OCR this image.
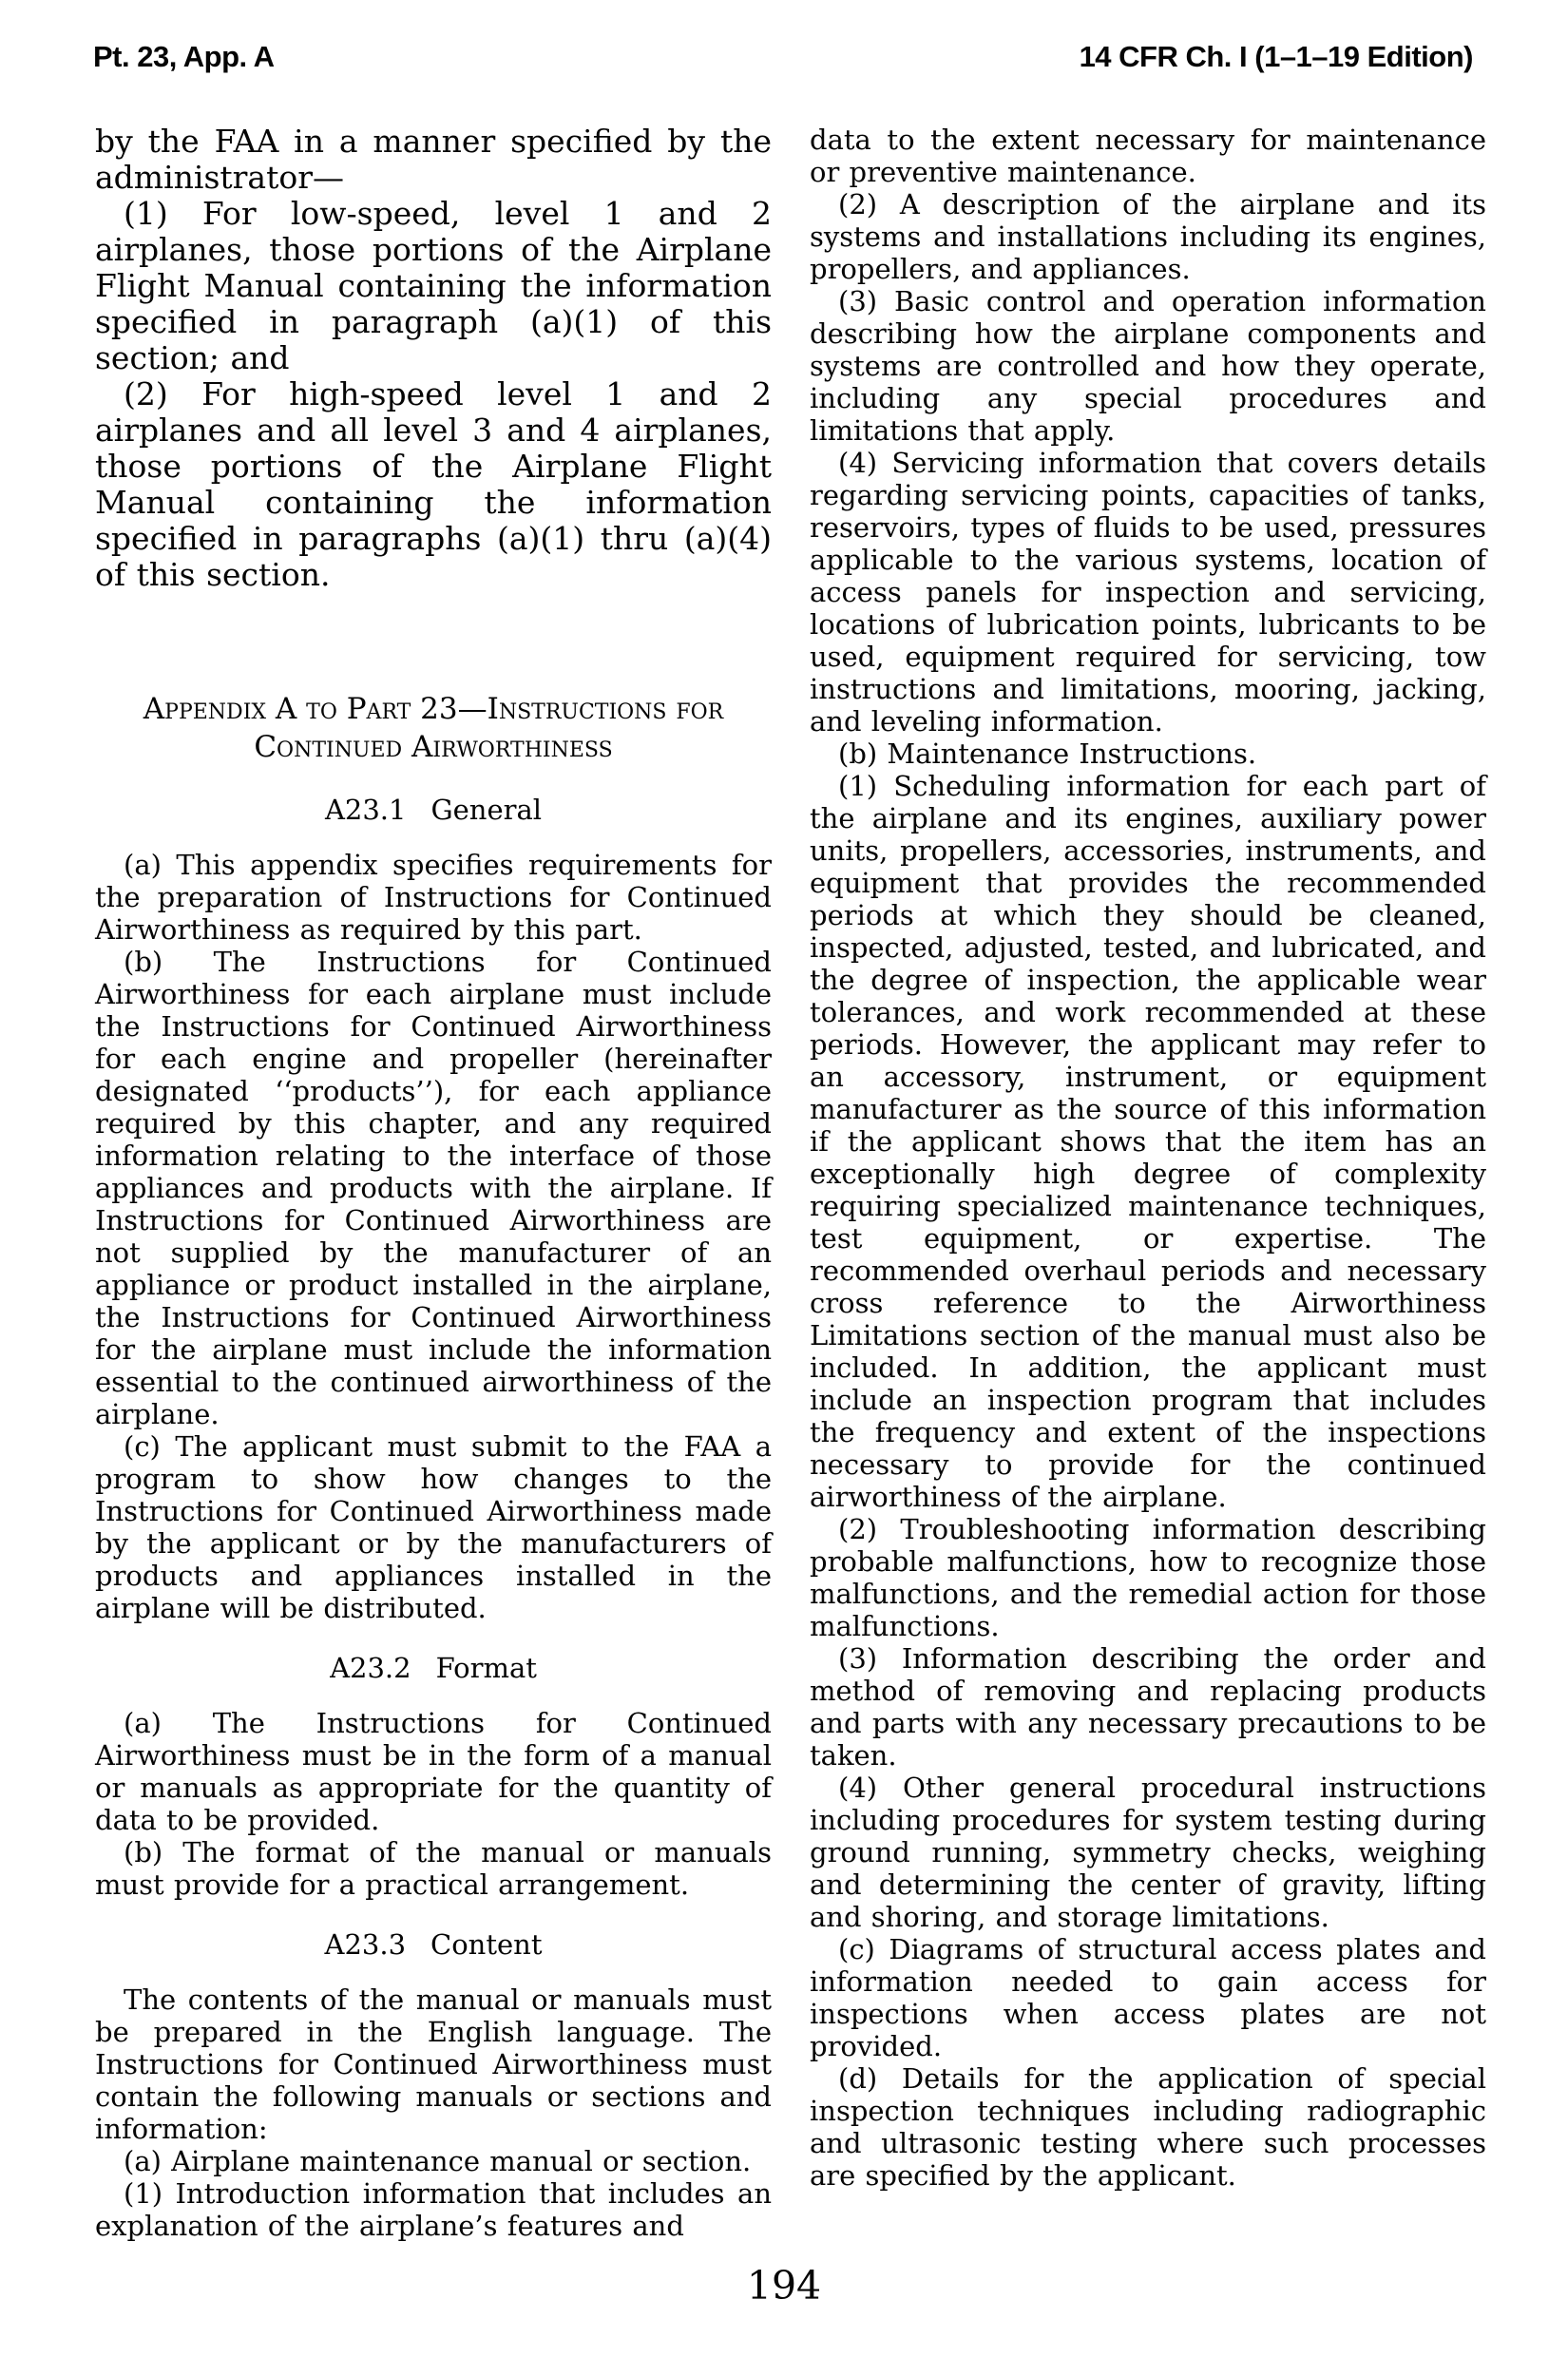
Pt. 23, App. A	14 CFR Ch. I (1–1–19 Edition)

by the FAA in a manner specified by the administrator—

(1) For low-speed, level 1 and 2 airplanes, those portions of the Airplane Flight Manual containing the information specified in paragraph (a)(1) of this section; and

(2) For high-speed level 1 and 2 airplanes and all level 3 and 4 airplanes, those portions of the Airplane Flight Manual containing the information specified in paragraphs (a)(1) thru (a)(4) of this section.

Appendix A to Part 23—Instructions for Continued Airworthiness
A23.1 General

(a) This appendix specifies requirements for the preparation of Instructions for Continued Airworthiness as required by this part.

(b) The Instructions for Continued Airworthiness for each airplane must include the Instructions for Continued Airworthiness for each engine and propeller (hereinafter designated ‘‘products’’), for each appliance required by this chapter, and any required information relating to the interface of those appliances and products with the airplane. If Instructions for Continued Airworthiness are not supplied by the manufacturer of an appliance or product installed in the airplane, the Instructions for Continued Airworthiness for the airplane must include the information essential to the continued airworthiness of the airplane.

(c) The applicant must submit to the FAA a program to show how changes to the Instructions for Continued Airworthiness made by the applicant or by the manufacturers of products and appliances installed in the airplane will be distributed.

A23.2 Format

(a) The Instructions for Continued Airworthiness must be in the form of a manual or manuals as appropriate for the quantity of data to be provided.

(b) The format of the manual or manuals must provide for a practical arrangement.

A23.3 Content

The contents of the manual or manuals must be prepared in the English language. The Instructions for Continued Airworthiness must contain the following manuals or sections and information:

(a) Airplane maintenance manual or section.

(1) Introduction information that includes an explanation of the airplane’s features and

data to the extent necessary for maintenance or preventive maintenance.

(2) A description of the airplane and its systems and installations including its engines, propellers, and appliances.

(3) Basic control and operation information describing how the airplane components and systems are controlled and how they operate, including any special procedures and limitations that apply.

(4) Servicing information that covers details regarding servicing points, capacities of tanks, reservoirs, types of fluids to be used, pressures applicable to the various systems, location of access panels for inspection and servicing, locations of lubrication points, lubricants to be used, equipment required for servicing, tow instructions and limitations, mooring, jacking, and leveling information.

(b) Maintenance Instructions.

(1) Scheduling information for each part of the airplane and its engines, auxiliary power units, propellers, accessories, instruments, and equipment that provides the recommended periods at which they should be cleaned, inspected, adjusted, tested, and lubricated, and the degree of inspection, the applicable wear tolerances, and work recommended at these periods. However, the applicant may refer to an accessory, instrument, or equipment manufacturer as the source of this information if the applicant shows that the item has an exceptionally high degree of complexity requiring specialized maintenance techniques, test equipment, or expertise. The recommended overhaul periods and necessary cross reference to the Airworthiness Limitations section of the manual must also be included. In addition, the applicant must include an inspection program that includes the frequency and extent of the inspections necessary to provide for the continued airworthiness of the airplane.

(2) Troubleshooting information describing probable malfunctions, how to recognize those malfunctions, and the remedial action for those malfunctions.

(3) Information describing the order and method of removing and replacing products and parts with any necessary precautions to be taken.

(4) Other general procedural instructions including procedures for system testing during ground running, symmetry checks, weighing and determining the center of gravity, lifting and shoring, and storage limitations.

(c) Diagrams of structural access plates and information needed to gain access for inspections when access plates are not provided.

(d) Details for the application of special inspection techniques including radiographic and ultrasonic testing where such processes are specified by the applicant.

194
